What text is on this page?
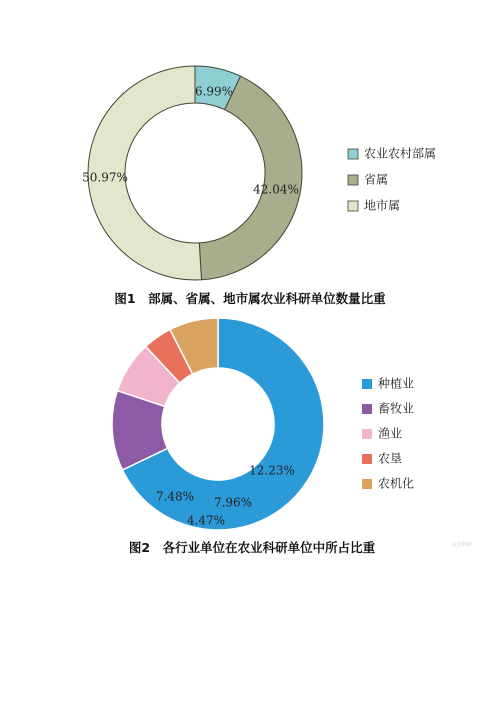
6.99%
42.04%
50.97%
农业农村部属
省属
地市属
图1　部属、省属、地市属农业科研单位数量比重
12.23%
7.96%
4.47%
7.48%
种植业
畜牧业
渔业
农垦
农机化
图2　各行业单位在农业科研单位中所占比重	农业科研
